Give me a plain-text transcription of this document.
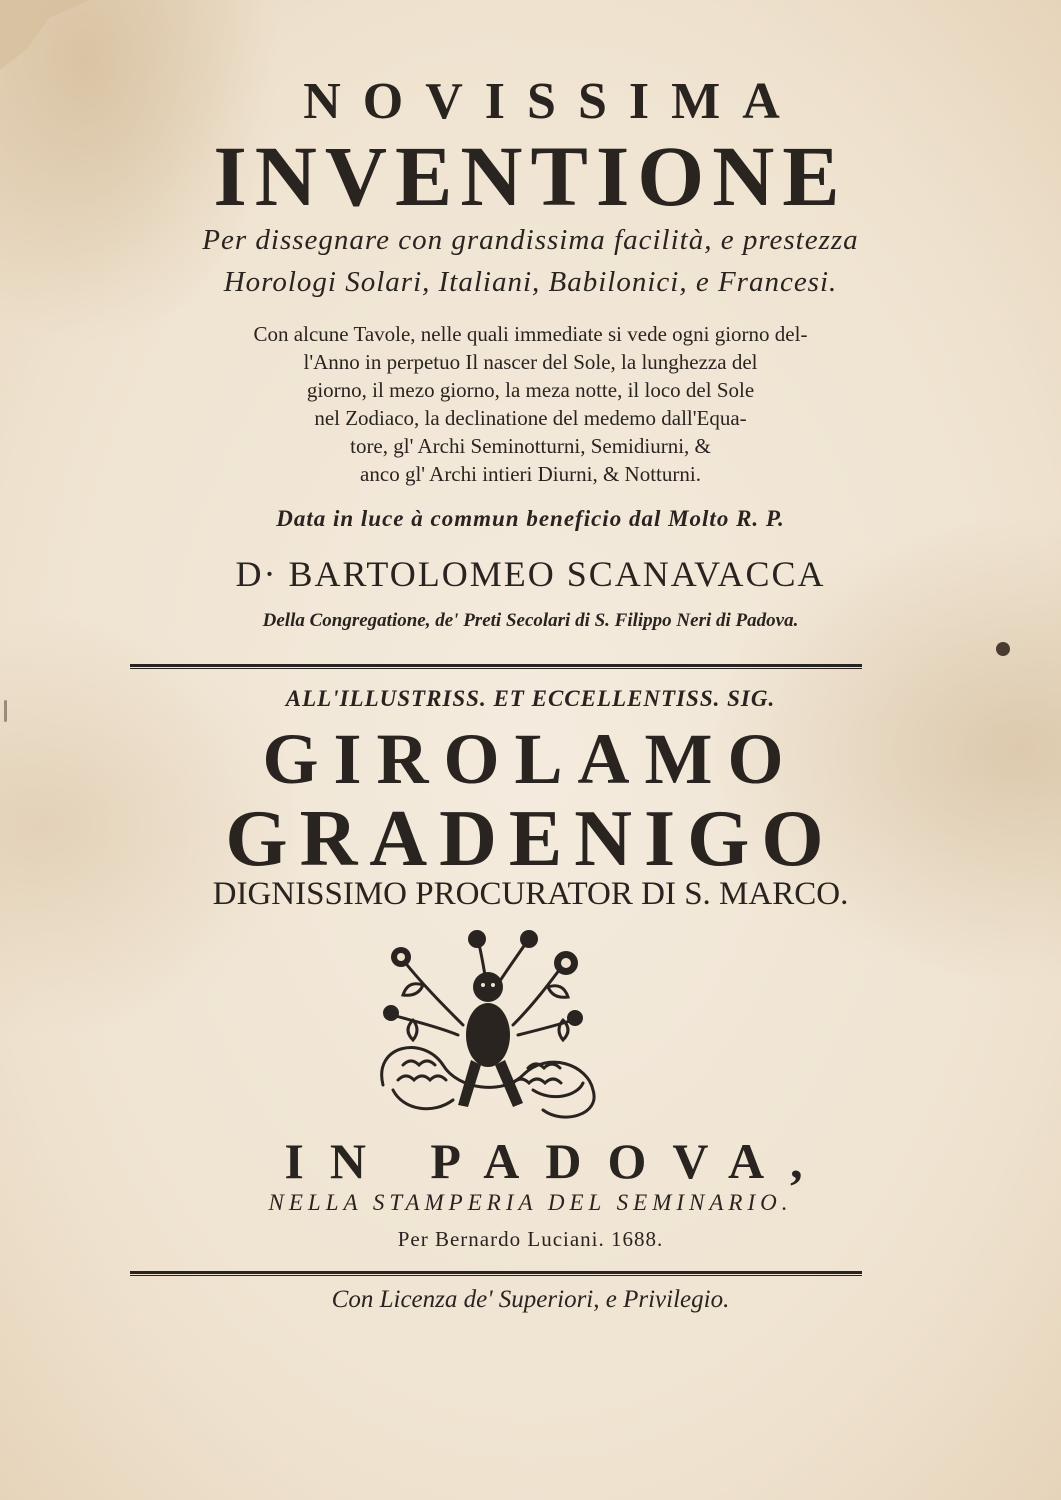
NOVISSIMA
INVENTIONE
Per dissegnare con grandissima facilità, e prestezza
Horologi Solari, Italiani, Babilonici, e Francesi.
Con alcune Tavole, nelle quali immediate si vede ogni giorno del-
l'Anno in perpetuo Il nascer del Sole, la lunghezza del
giorno, il mezo giorno, la meza notte, il loco del Sole
nel Zodiaco, la declinatione del medemo dall'Equa-
tore, gl' Archi Seminotturni, Semidiurni, &
anco gl' Archi intieri Diurni, & Notturni.
Data in luce à commun beneficio dal Molto R. P.
D· BARTOLOMEO SCANAVACCA
Della Congregatione, de' Preti Secolari di S. Filippo Neri di Padova.
ALL'ILLUSTRISS. ET ECCELLENTISS. SIG.
GIROLAMO
GRADENIGO
DIGNISSIMO PROCURATOR DI S. MARCO.
IN PADOVA,
NELLA STAMPERIA DEL SEMINARIO.
Per Bernardo Luciani. 1688.
Con Licenza de' Superiori, e Privilegio.
